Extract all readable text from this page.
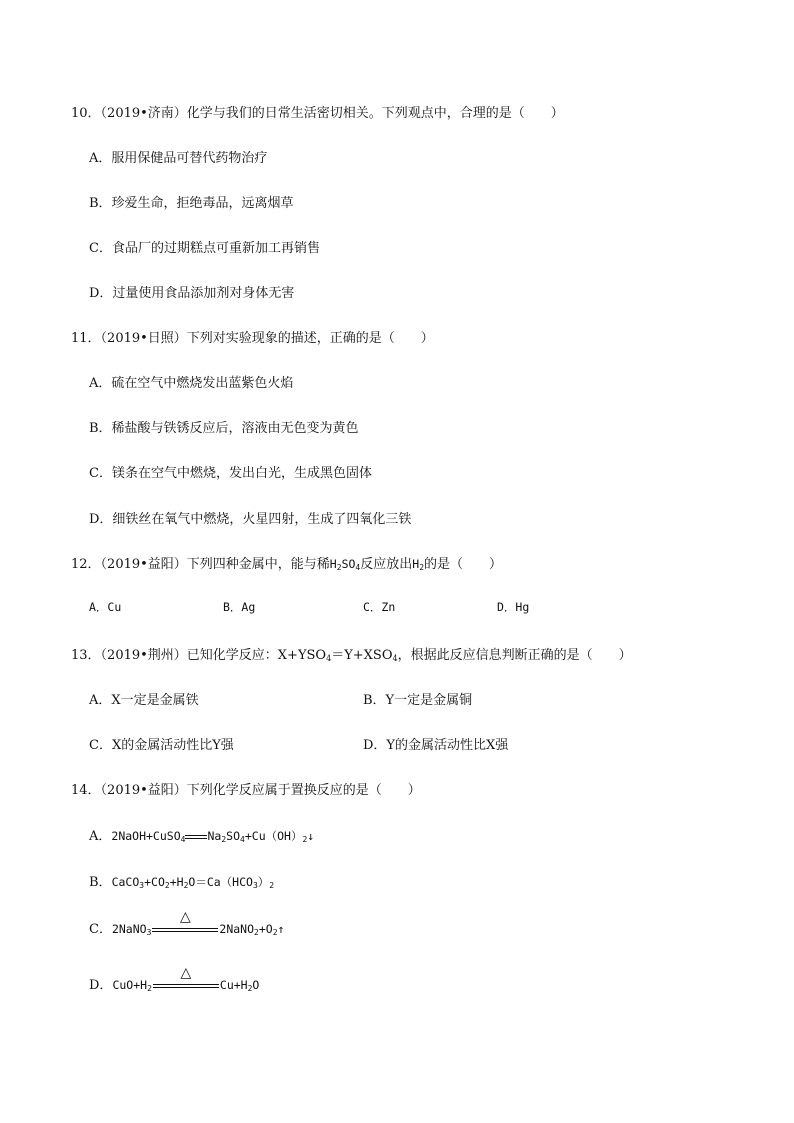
10．（2019•济南）化学与我们的日常生活密切相关。下列观点中，合理的是（　　）
A．服用保健品可替代药物治疗
B．珍爱生命，拒绝毒品，远离烟草
C．食品厂的过期糕点可重新加工再销售
D．过量使用食品添加剂对身体无害
11．（2019•日照）下列对实验现象的描述，正确的是（　　）
A．硫在空气中燃烧发出蓝紫色火焰
B．稀盐酸与铁锈反应后，溶液由无色变为黄色
C．镁条在空气中燃烧，发出白光，生成黑色固体
D．细铁丝在氧气中燃烧，火星四射，生成了四氧化三铁
12．（2019•益阳）下列四种金属中，能与稀$H_2SO_4$反应放出$H_2$的是（　　）
A．Cu	B．Ag	C．Zn	D．Hg
13．（2019•荆州）已知化学反应：$X+YSO_4=Y+XSO_4$，根据此反应信息判断正确的是（　　）
A．X一定是金属铁	B．Y一定是金属铜
C．X的金属活动性比Y强	D．Y的金属活动性比X强
14．（2019•益阳）下列化学反应属于置换反应的是（　　）
A．2NaOH+CuSO$_4$ $Na_2SO_4+Cu(OH)_2↓$
B．$CaCO_3+CO_2+H_2O=Ca(HCO_3)_2$
C．2NaNO$_3$
△
$2NaNO_2+O_2↑$
D．$CuO+H_2$
△
$Cu+H_2O$
